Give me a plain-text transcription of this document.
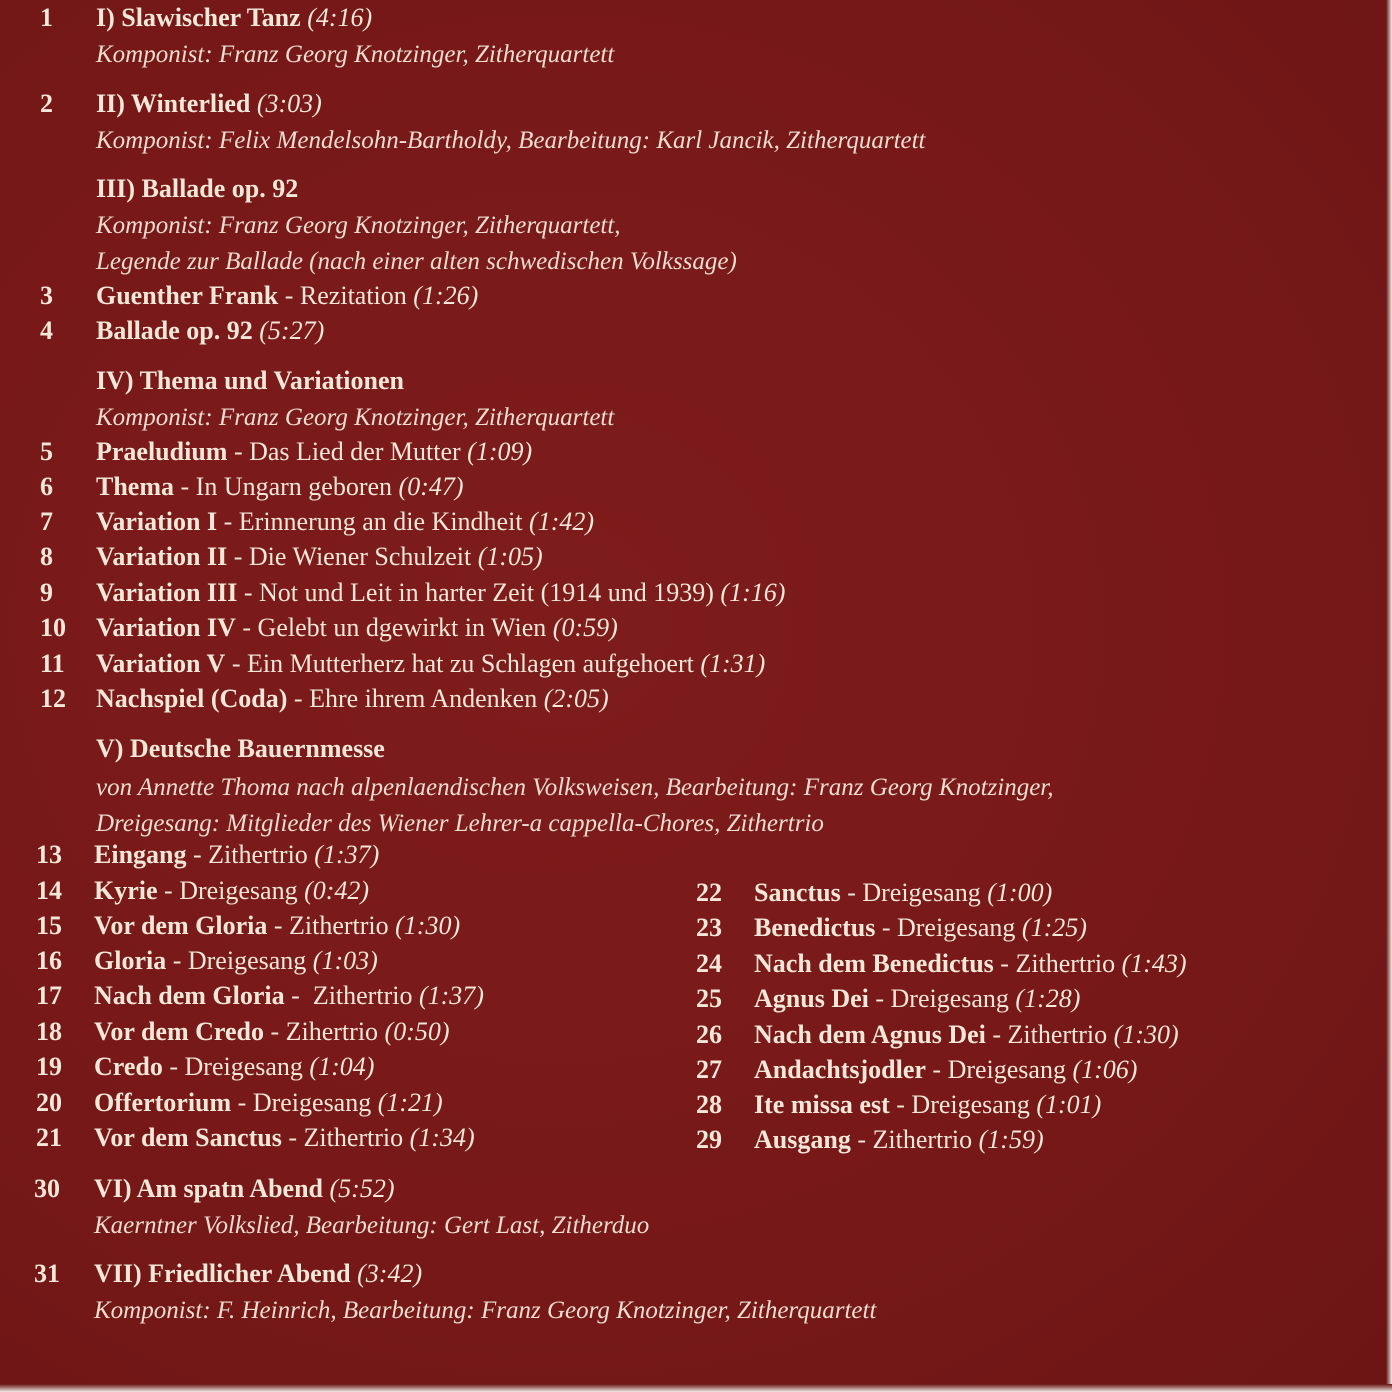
1 I) Slawischer Tanz (4:16)
Komponist: Franz Georg Knotzinger, Zitherquartett
2 II) Winterlied (3:03)
Komponist: Felix Mendelsohn-Bartholdy, Bearbeitung: Karl Jancik, Zitherquartett
III) Ballade op. 92
Komponist: Franz Georg Knotzinger, Zitherquartett,
Legende zur Ballade (nach einer alten schwedischen Volkssage)
IV) Thema und Variationen
Komponist: Franz Georg Knotzinger, Zitherquartett
3 Guenther Frank - Rezitation (1:26)
4 Ballade op. 92 (5:27)
5 Praeludium - Das Lied der Mutter (1:09)
6 Thema - In Ungarn geboren (0:47)
7 Variation I - Erinnerung an die Kindheit (1:42)
8 Variation II - Die Wiener Schulzeit (1:05)
9 Variation III - Not und Leit in harter Zeit (1914 und 1939) (1:16)
10 Variation IV - Gelebt un dgewirkt in Wien (0:59)
11 Variation V - Ein Mutterherz hat zu Schlagen aufgehoert (1:31)
12 Nachspiel (Coda) - Ehre ihrem Andenken (2:05)
V) Deutsche Bauernmesse
von Annette Thoma nach alpenlaendischen Volksweisen, Bearbeitung: Franz Georg Knotzinger,
Dreigesang: Mitglieder des Wiener Lehrer-a cappella-Chores, Zithertrio
13 Eingang - Zithertrio (1:37)
14 Kyrie - Dreigesang (0:42)
15 Vor dem Gloria - Zithertrio (1:30)
16 Gloria - Dreigesang (1:03)
17 Nach dem Gloria -  Zithertrio (1:37)
18 Vor dem Credo - Zihertrio (0:50)
19 Credo - Dreigesang (1:04)
20 Offertorium - Dreigesang (1:21)
21 Vor dem Sanctus - Zithertrio (1:34)
22 Sanctus - Dreigesang (1:00)
23 Benedictus - Dreigesang (1:25)
24 Nach dem Benedictus - Zithertrio (1:43)
25 Agnus Dei - Dreigesang (1:28)
26 Nach dem Agnus Dei - Zithertrio (1:30)
27 Andachtsjodler - Dreigesang (1:06)
28 Ite missa est - Dreigesang (1:01)
29 Ausgang - Zithertrio (1:59)
30 VI) Am spatn Abend (5:52)
Kaerntner Volkslied, Bearbeitung: Gert Last, Zitherduo
31 VII) Friedlicher Abend (3:42)
Komponist: F. Heinrich, Bearbeitung: Franz Georg Knotzinger, Zitherquartett
